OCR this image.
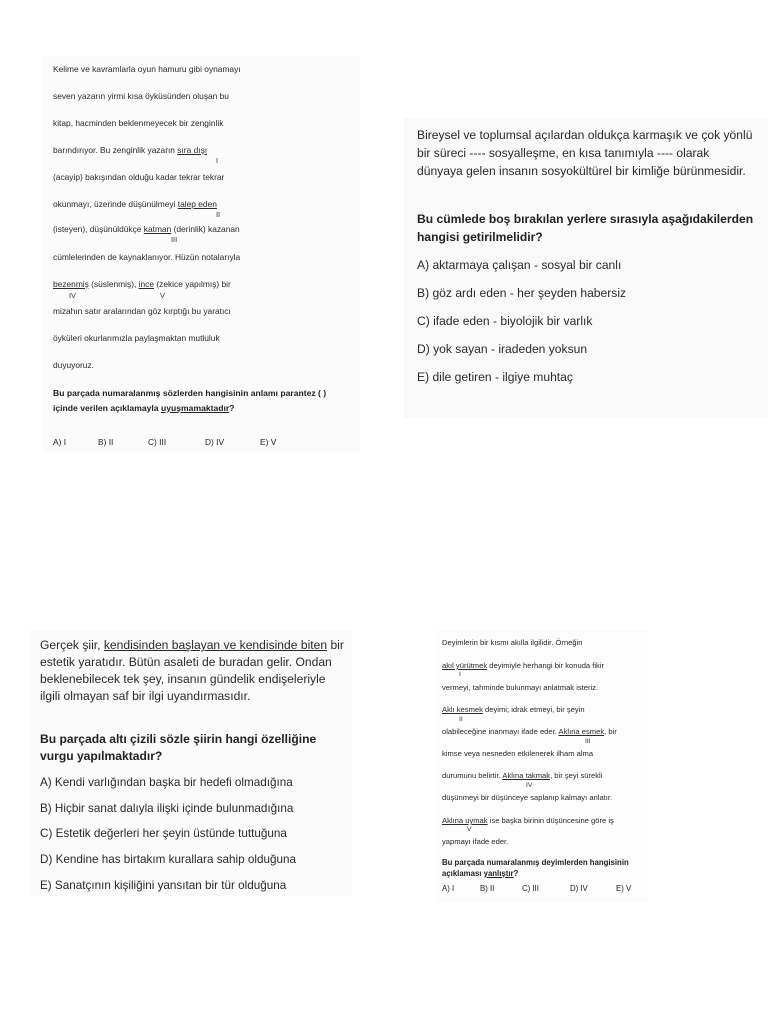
Kelime ve kavramlarla oyun hamuru gibi oynamayı
seven yazarın yirmi kısa öyküsünden oluşan bu
kitap, hacminden beklenmeyecek bir zenginlik
barındırıyor. Bu zenginlik yazarın sıra dışı
I
(acayip) bakışından olduğu kadar tekrar tekrar
okunmayı, üzerinde düşünülmeyi talep eden
II
(isteyen), düşünüldükçe katman (derinlik) kazanan
III
cümlelerinden de kaynaklanıyor. Hüzün notalarıyla
bezenmiş (süslenmiş), ince (zekice yapılmış) bir
IV	V
mizahın satır aralarından göz kırptığı bu yaratıcı
öyküleri okurlarımızla paylaşmaktan mutluluk
duyuyoruz.
Bu parçada numaralanmış sözlerden hangisinin anlamı parantez ( ) içinde verilen açıklamayla uyuşmamaktadır?
A) I	B) II	C) III	D) IV	E) V
Bireysel ve toplumsal açılardan oldukça karmaşık ve çok yönlü bir süreci ---- sosyalleşme, en kısa tanımıyla ---- olarak dünyaya gelen insanın sosyokültürel bir kimliğe bürünmesidir.
Bu cümlede boş bırakılan yerlere sırasıyla aşağıdakilerden hangisi getirilmelidir?
A) aktarmaya çalışan - sosyal bir canlı
B) göz ardı eden - her şeyden habersiz
C) ifade eden - biyolojik bir varlık
D) yok sayan - iradeden yoksun
E) dile getiren - ilgiye muhtaç
Gerçek şiir, kendisinden başlayan ve kendisinde biten bir estetik yaratıdır. Bütün asaleti de buradan gelir. Ondan beklenebilecek tek şey, insanın gündelik endişeleriyle ilgili olmayan saf bir ilgi uyandırmasıdır.
Bu parçada altı çizili sözle şiirin hangi özelliğine vurgu yapılmaktadır?
A) Kendi varlığından başka bir hedefi olmadığına
B) Hiçbir sanat dalıyla ilişki içinde bulunmadığına
C) Estetik değerleri her şeyin üstünde tuttuğuna
D) Kendine has birtakım kurallara sahip olduğuna
E) Sanatçının kişiliğini yansıtan bir tür olduğuna
Deyimlerin bir kısmı akılla ilgilidir. Örneğin
akıl yürütmek deyimiyle herhangi bir konuda fikir
I
vermeyi, tahminde bulunmayı anlatmak isteriz.
Aklı kesmek deyimi; idrak etmeyi, bir şeyin
II
olabileceğine inanmayı ifade eder. Aklına esmek, bir
III
kimse veya nesneden etkilenerek ilham alma
durumunu belirtir. Aklına takmak, bir şeyi sürekli
IV
düşünmeyi bir düşünceye saplanıp kalmayı anlatır.
Aklına uymak ise başka birinin düşüncesine göre iş
V
yapmayı ifade eder.
Bu parçada numaralanmış deyimlerden hangisinin açıklaması yanlıştır?
A) I	B) II	C) III	D) IV	E) V
